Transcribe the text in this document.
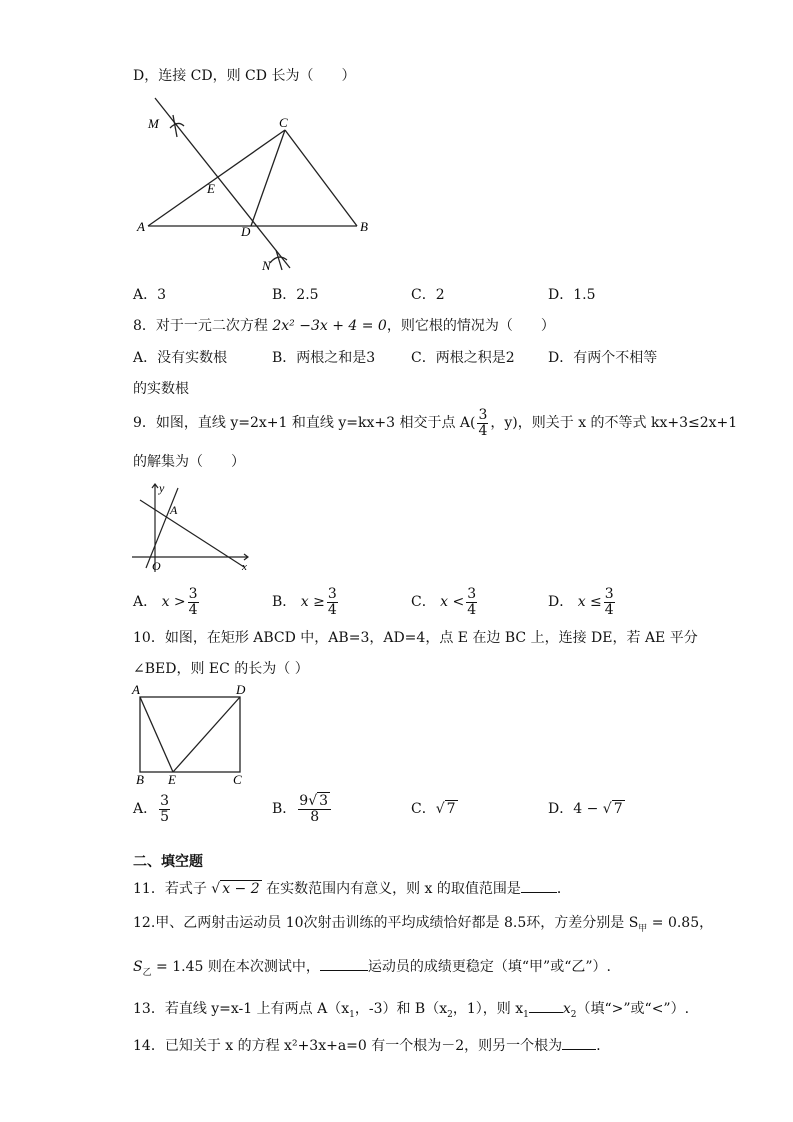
D，连接 CD，则 CD 长为（　　）
M	C
E
A	D	B
N
A．3	B．2.5	C．2	D．1.5
8．对于一元二次方程 2x² −3x + 4 = 0，则它根的情况为（　　）
A．没有实数根	B．两根之和是3	C．两根之积是2 D．有两个不相等
的实数根
9．如图，直线 y=2x+1 和直线 y=kx+3 相交于点 $A( \frac{3}{4}$ ，y)，则关于 x 的不等式 kx+3≤2x+1
的解集为（　　）
y
A
O	x
A． $x > \frac{3}{4}$	B． $x \ge \frac{3}{4}$	C． $x < \frac{3}{4}$	D． $x \le \frac{3}{4}$
10．如图，在矩形 ABCD 中，AB=3，AD=4，点 E 在边 BC 上，连接 DE，若 AE 平分
∠BED，则 EC 的长为（ ）
A	D
B E	C
A． $\frac{3}{5}$	B． $\frac{9√ 3}{8}$	C．√ 7	D．4 − √ 7
二、填空题
11．若式子 √ x − 2 在实数范围内有意义，则 x 的取值范围是	．
12.甲、乙两射击运动员 10次射击训练的平均成绩恰好都是 8.5环，方差分别是 $S_甲 = 0.85$，
$S_乙 = 1.45$ 则在本次测试中，	运动员的成绩更稳定（填“甲”或“乙”）.
13．若直线 y=x-1 上有两点 $A(x_1$，-3）和 $B(x_2$，1），则 $x_1$ $x_2$（填“>”或“<”）.
14．已知关于 x 的方程 x²+3x+a=0 有一个根为－2，则另一个根为 ．
